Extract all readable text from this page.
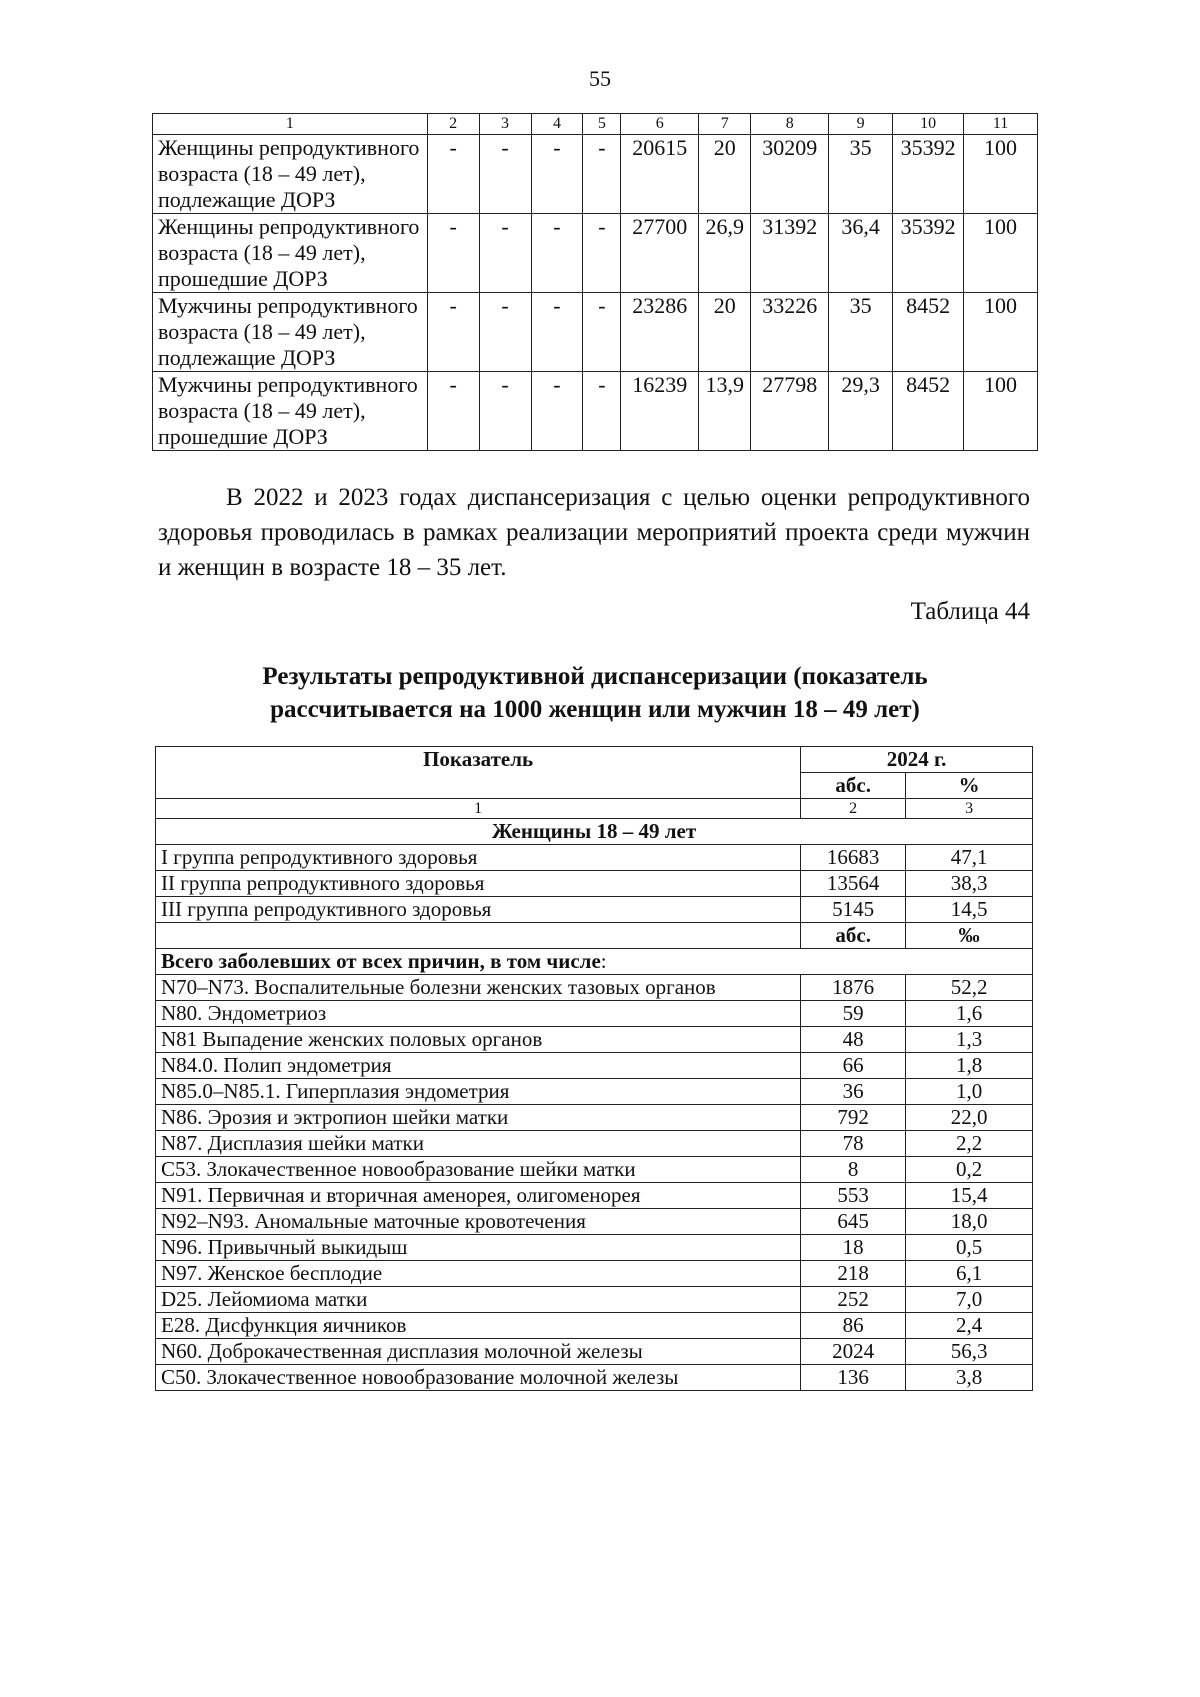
55
1	2	3	4	5	6	7	8	9	10	11

Женщины репродуктивного
возраста (18 – 49 лет),
подлежащие ДОРЗ	-	-	-	-	20615	20	30209	35	35392	100

Женщины репродуктивного
возраста (18 – 49 лет),
прошедшие ДОРЗ	-	-	-	-	27700	26,9	31392	36,4	35392	100

Мужчины репродуктивного
возраста (18 – 49 лет),
подлежащие ДОРЗ	-	-	-	-	23286	20	33226	35	8452	100

Мужчины репродуктивного
возраста (18 – 49 лет),
прошедшие ДОРЗ	-	-	-	-	16239	13,9	27798	29,3	8452	100
В 2022 и 2023 годах диспансеризация с целью оценки репродуктивного здоровья проводилась в рамках реализации мероприятий проекта среди мужчин и женщин в возрасте 18 – 35 лет.
Таблица 44
Результаты репродуктивной диспансеризации (показатель
рассчитывается на 1000 женщин или мужчин 18 – 49 лет)
Показатель	2024 г.	
	абс.	%
1	2	3
Женщины 18 – 49 лет		
I группа репродуктивного здоровья	16683	47,1
II группа репродуктивного здоровья	13564	38,3
III группа репродуктивного здоровья	5145	14,5
	абс.	‰
Всего заболевших от всех причин, в том числе:		
N70–N73. Воспалительные болезни женских тазовых органов	1876	52,2
N80. Эндометриоз	59	1,6
N81 Выпадение женских половых органов	48	1,3
N84.0. Полип эндометрия	66	1,8
N85.0–N85.1. Гиперплазия эндометрия	36	1,0
N86. Эрозия и эктропион шейки матки	792	22,0
N87. Дисплазия шейки матки	78	2,2
C53. Злокачественное новообразование шейки матки	8	0,2
N91. Первичная и вторичная аменорея, олигоменорея	553	15,4
N92–N93. Аномальные маточные кровотечения	645	18,0
N96. Привычный выкидыш	18	0,5
N97. Женское бесплодие	218	6,1
D25. Лейомиома матки	252	7,0
E28. Дисфункция яичников	86	2,4
N60. Доброкачественная дисплазия молочной железы	2024	56,3
C50. Злокачественное новообразование молочной железы	136	3,8
